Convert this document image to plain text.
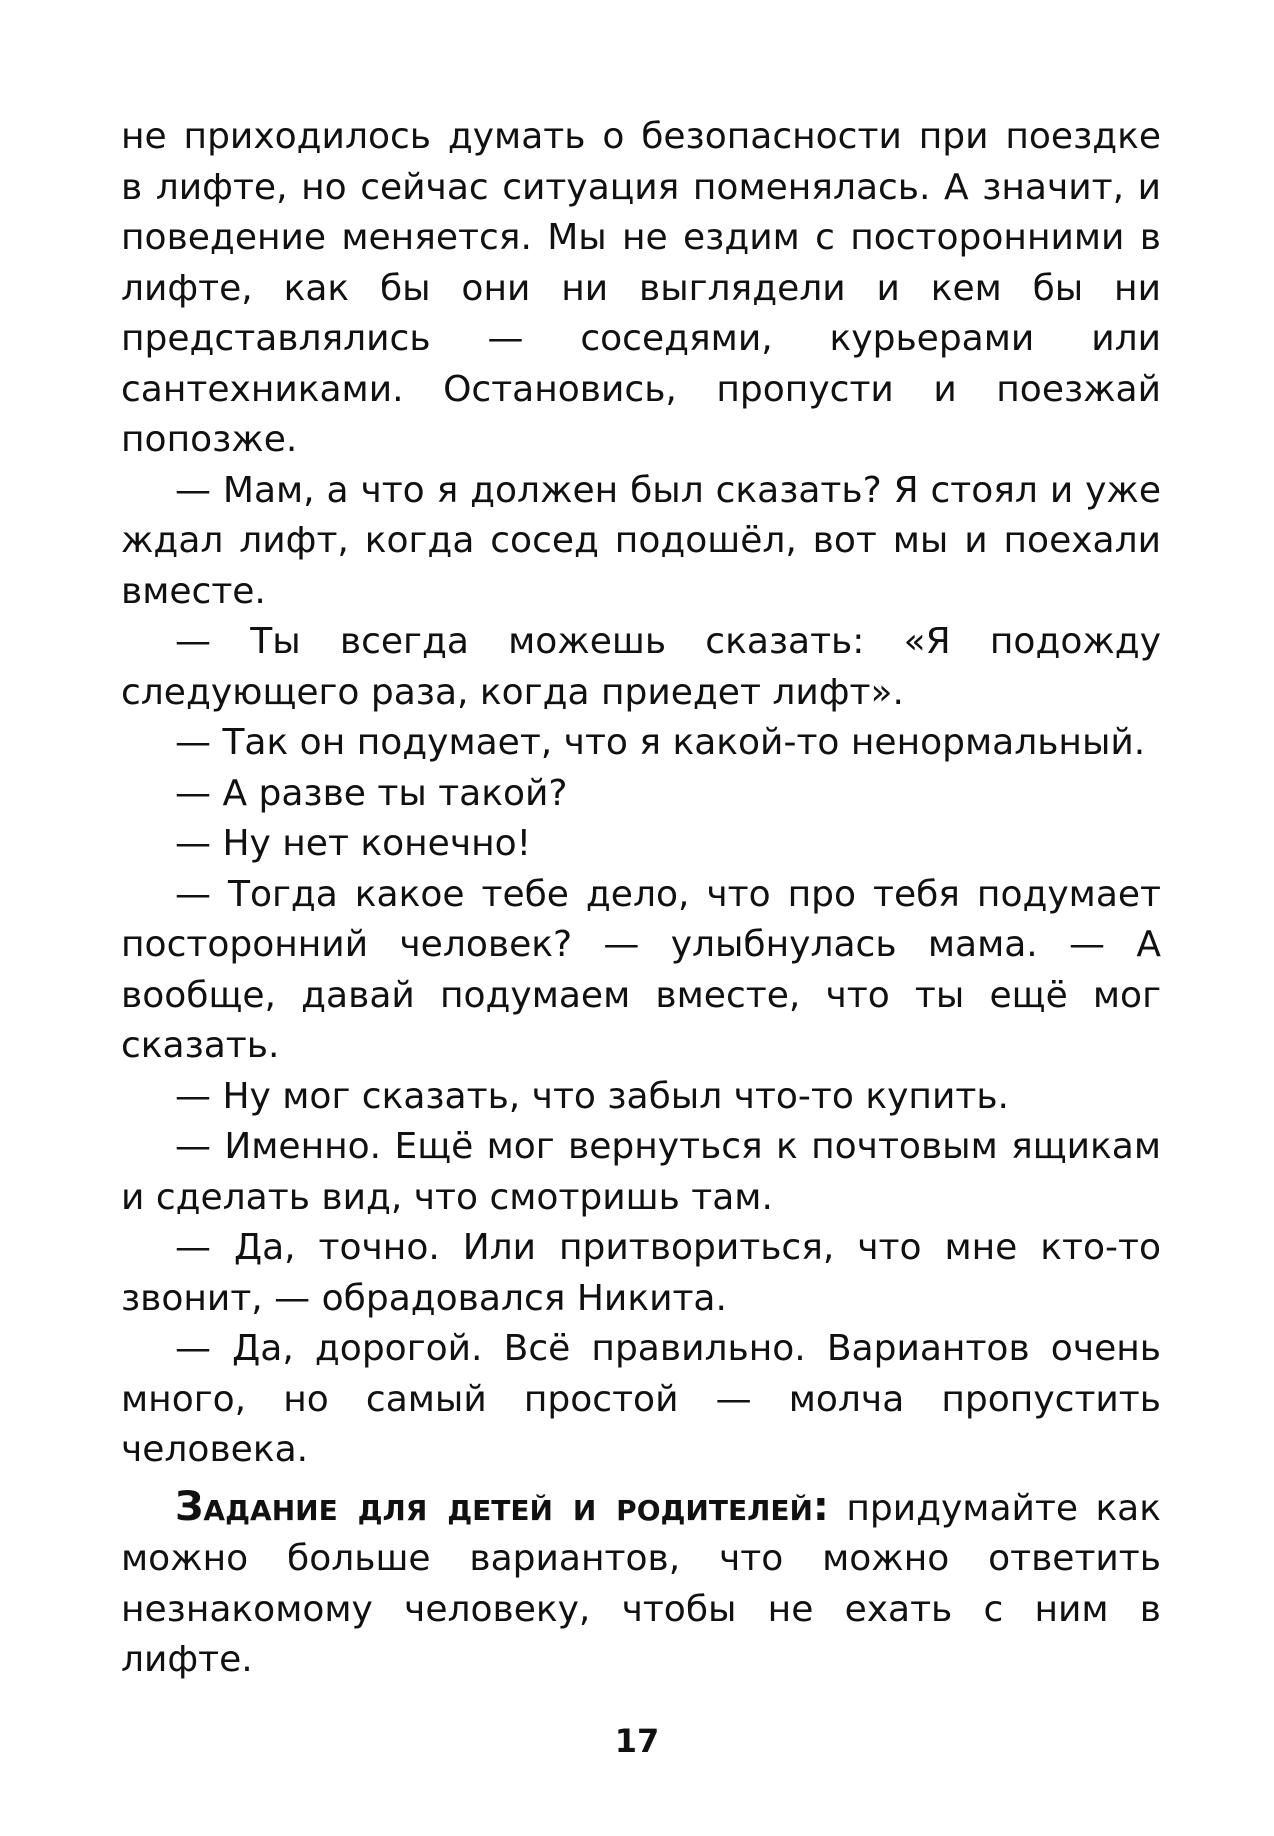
не приходилось думать о безопасности при поездке в лифте, но сейчас ситуация поменялась. А значит, и поведение меняется. Мы не ездим с посторонними в лифте, как бы они ни выглядели и кем бы ни представлялись — соседями, курьерами или сантехниками. Остановись, пропусти и поезжай попозже.

— Мам, а что я должен был сказать? Я стоял и уже ждал лифт, когда сосед подошёл, вот мы и поехали вместе.

— Ты всегда можешь сказать: «Я подожду следующего раза, когда приедет лифт».

— Так он подумает, что я какой-то ненормальный.

— А разве ты такой?

— Ну нет конечно!

— Тогда какое тебе дело, что про тебя подумает посторонний человек? — улыбнулась мама. — А вообще, давай подумаем вместе, что ты ещё мог сказать.

— Ну мог сказать, что забыл что-то купить.

— Именно. Ещё мог вернуться к почтовым ящикам и сделать вид, что смотришь там.

— Да, точно. Или притвориться, что мне кто-то звонит, — обрадовался Никита.

— Да, дорогой. Всё правильно. Вариантов очень много, но самый простой — молча пропустить человека.

Задание для детей и родителей: придумайте как можно больше вариантов, что можно ответить незнакомому человеку, чтобы не ехать с ним в лифте.

17
